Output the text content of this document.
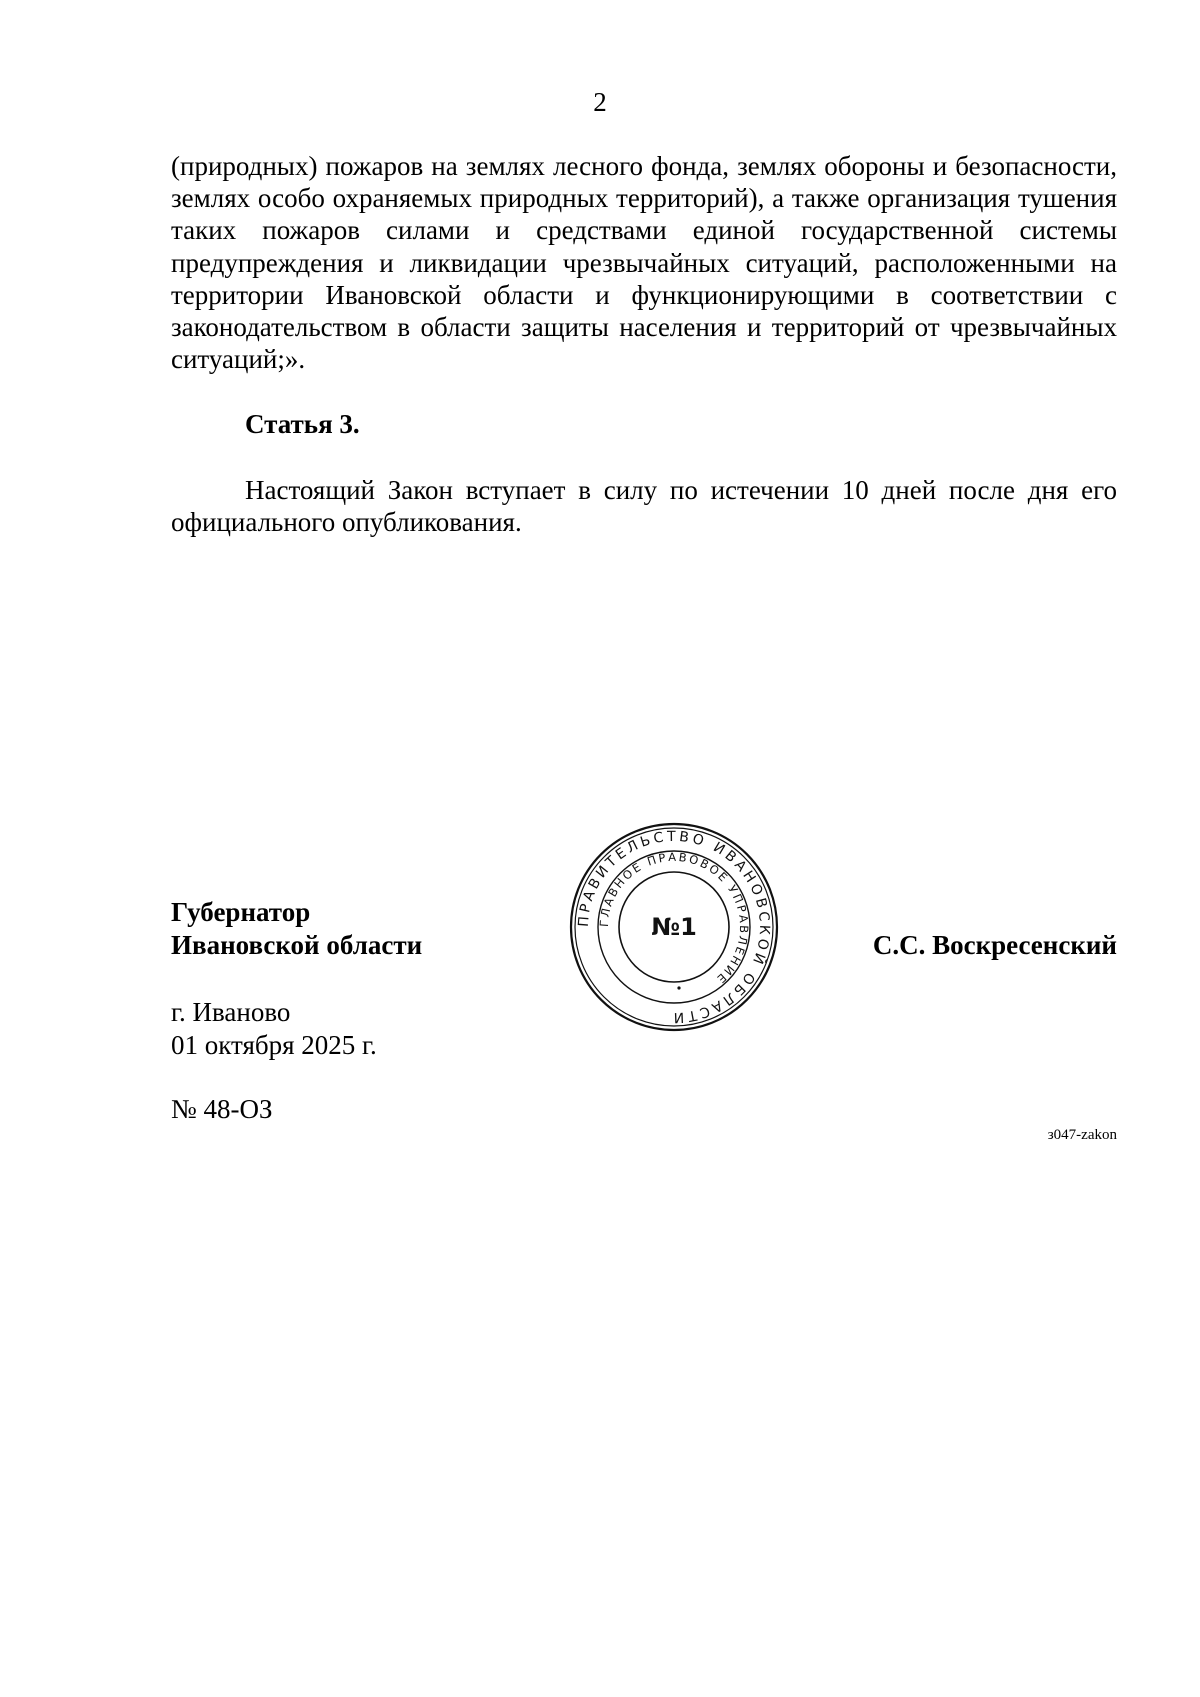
2
(природных) пожаров на землях лесного фонда, землях обороны и безопасности, землях особо охраняемых природных территорий), а также организация тушения таких пожаров силами и средствами единой государственной системы предупреждения и ликвидации чрезвычайных ситуаций, расположенными на территории Ивановской области и функционирующими в соответствии с законодательством в области защиты населения и территорий от чрезвычайных ситуаций;».
Статья 3.
Настоящий Закон вступает в силу по истечении 10 дней после дня его официального опубликования.
Губернатор
Ивановской области	С.С. Воскресенский
ПРАВИТЕЛЬСТВО ИВАНОВСКОЙ ОБЛАСТИ
ГЛАВНОЕ ПРАВОВОЕ УПРАВЛЕНИЕ
№1
г. Иваново
01 октября 2025 г.
№ 48-ОЗ
з047-zakon
